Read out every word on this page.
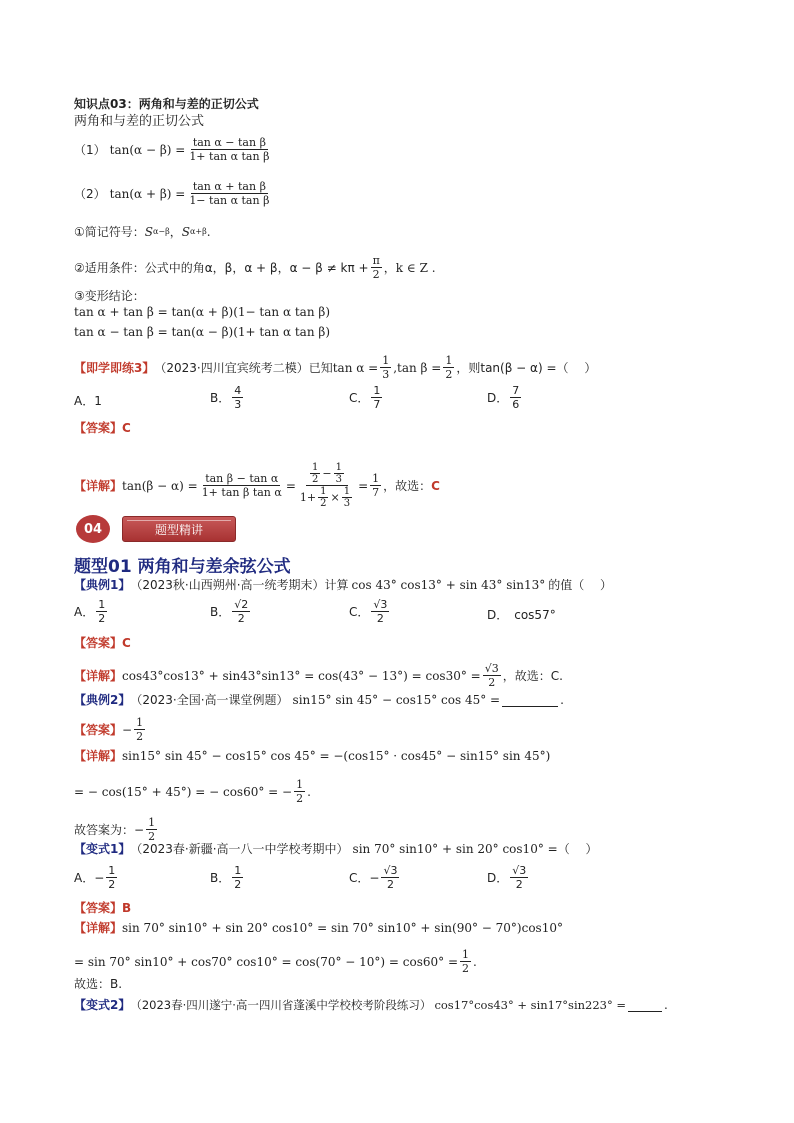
知识点03：两角和与差的正切公式
两角和与差的正切公式
（1） $\tan(\alpha - \beta) = \frac{\text{tan α − tan β}}{\text{1+ tan α tan β}}$
（2） $\tan(\alpha + \beta) = \frac{\text{tan α + tan β}}{\text{1− tan α tan β}}$
①简记符号： S α−β ， S α+β .
②适用条件：公式中的角α，β，α + β，$\alpha - \beta \ne k\pi + \frac{\pi}{2}$ ，k ∈ Z .
③变形结论：
tan α + tan β = tan(α + β)(1− tan α tan β)
tan α − tan β = tan(α − β)(1+ tan α tan β)
【即学即练3】 （2023·四川宜宾统考二模）已知 $\tan \alpha = \frac{1}{3} ,\tan$ $\beta = \frac{1}{2}$ ，则tan(β − α) =（　 ）
A．1	B． $\frac{4}{3}$	C． $\frac{1}{7}$	D． $\frac{7}{6}$
【答案】 C
【详解】 $\tan(\beta - \alpha) = \frac{\text{tan β − tan α}}{\text{1+ tan β tan α}} = \frac{\frac{1}{2} - \frac{1}{3}}{1+ \frac{1}{2} \times \frac{1}{3}} = \frac{1}{7}$ ，故选： C
04	题型精讲
题型01 两角和与差余弦公式
【典例1】 （2023秋·山西朔州·高一统考期末）计算 cos 43° cos13° + sin 43° sin13° 的值（　 ）
A． $\frac{1}{2}$	B． $\frac{√2}{2}$	C． $\frac{√3}{2}$	D．　cos57°
【答案】 C
【详解】 $\cos 43^\circ\cos 13^\circ + \sin 43^\circ\sin 13^\circ = \cos(43^\circ - 13^\circ) = \cos 30^\circ = \frac{√3}{2}$ ，故选：C.
【典例2】 （2023·全国·高一课堂例题） sin15° sin 45° − cos15° cos 45° =	.
【答案】 − $\frac{1}{2}$
【详解】 sin15° sin 45° − cos15° cos 45° = −(cos15° · cos45° − sin15° sin 45°)
= − cos(15° + 45°) = − cos60° = − $\frac{1}{2}$ .
故答案为：− $\frac{1}{2}$
【变式1】 （2023春·新疆·高一八一中学校考期中） sin 70° sin10° + sin 20° cos10° = （　 ）
A．− $\frac{1}{2}$	B． $\frac{1}{2}$	C．− $\frac{√3}{2}$	D． $\frac{√3}{2}$
【答案】 B
【详解】 sin 70° sin10° + sin 20° cos10° = sin 70° sin10° + sin(90° − 70°)cos10°
= sin 70° sin10° + cos70° $\cos 10^\circ = \cos(70^\circ - 10^\circ) = \cos 60^\circ = \frac{1}{2}$ .
故选：B.
【变式2】 （2023春·四川遂宁·高一四川省蓬溪中学校校考阶段练习） cos17°cos43° + sin17°sin223° =	.
